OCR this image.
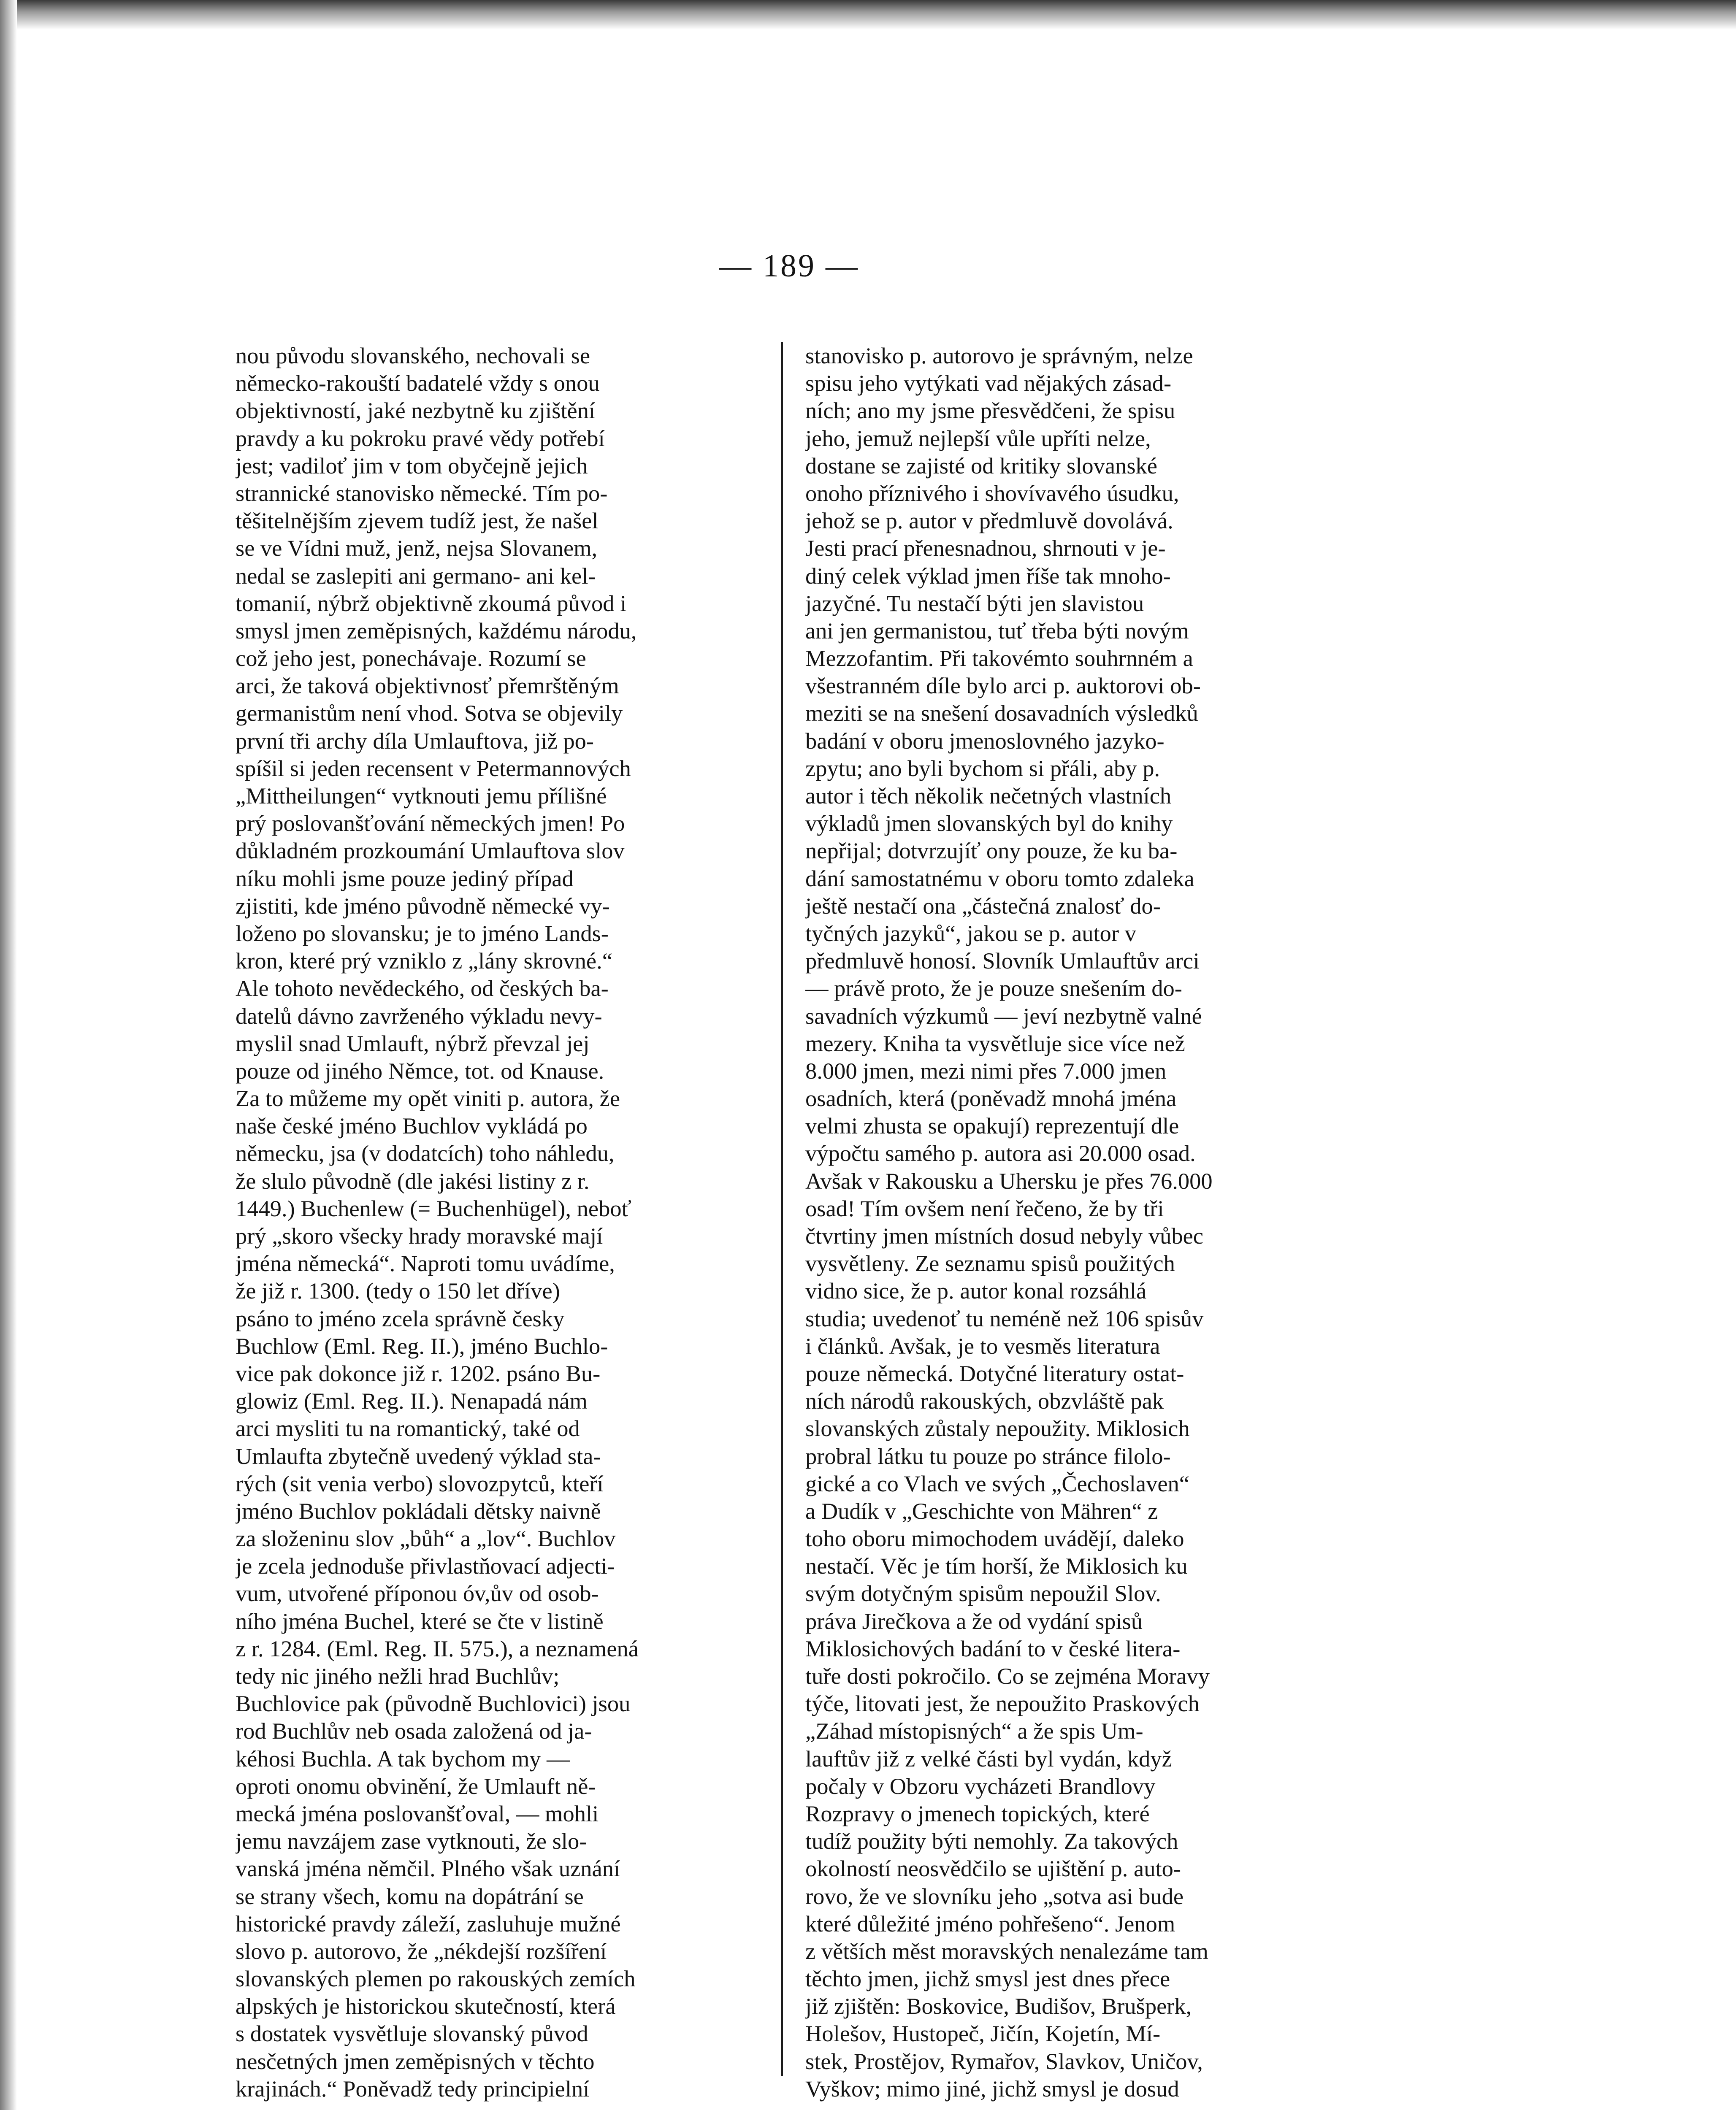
— 189 —
nou původu slovanského, nechovali se
německo-rakouští badatelé vždy s onou
objektivností, jaké nezbytně ku zjištění
pravdy a ku pokroku pravé vědy potřebí
jest; vadiloť jim v tom obyčejně jejich
strannické stanovisko německé. Tím po-
těšitelnějším zjevem tudíž jest, že našel
se ve Vídni muž, jenž, nejsa Slovanem,
nedal se zaslepiti ani germano- ani kel-
tomanií, nýbrž objektivně zkoumá původ i
smysl jmen zeměpisných, každému národu,
což jeho jest, ponechávaje. Rozumí se
arci, že taková objektivnosť přemrštěným
germanistům není vhod. Sotva se objevily
první tři archy díla Umlauftova, již po-
spíšil si jeden recensent v Petermannových
„Mittheilungen“ vytknouti jemu přílišné
prý poslovanšťování německých jmen! Po
důkladném prozkoumání Umlauftova slov
níku mohli jsme pouze jediný případ
zjistiti, kde jméno původně německé vy-
loženo po slovansku; je to jméno Lands-
kron, které prý vzniklo z „lány skrovné.“
Ale tohoto nevědeckého, od českých ba-
datelů dávno zavrženého výkladu nevy-
myslil snad Umlauft, nýbrž převzal jej
pouze od jiného Němce, tot. od Knause.
Za to můžeme my opět viniti p. autora, že
naše české jméno Buchlov vykládá po
německu, jsa (v dodatcích) toho náhledu,
že slulo původně (dle jakési listiny z r.
1449.) Buchenlew (= Buchenhügel), neboť
prý „skoro všecky hrady moravské mají
jména německá“. Naproti tomu uvádíme,
že již r. 1300. (tedy o 150 let dříve)
psáno to jméno zcela správně česky
Buchlow (Eml. Reg. II.), jméno Buchlo-
vice pak dokonce již r. 1202. psáno Bu-
glowiz (Eml. Reg. II.). Nenapadá nám
arci mysliti tu na romantický, také od
Umlaufta zbytečně uvedený výklad sta-
rých (sit venia verbo) slovozpytců, kteří
jméno Buchlov pokládali dětsky naivně
za složeninu slov „bůh“ a „lov“. Buchlov
je zcela jednoduše přivlastňovací adjecti-
vum, utvořené příponou óv,ův od osob-
ního jména Buchel, které se čte v listině
z r. 1284. (Eml. Reg. II. 575.), a neznamená
tedy nic jiného nežli hrad Buchlův;
Buchlovice pak (původně Buchlovici) jsou
rod Buchlův neb osada založená od ja-
kéhosi Buchla. A tak bychom my —
oproti onomu obvinění, že Umlauft ně-
mecká jména poslovanšťoval, — mohli
jemu navzájem zase vytknouti, že slo-
vanská jména němčil. Plného však uznání
se strany všech, komu na dopátrání se
historické pravdy záleží, zasluhuje mužné
slovo p. autorovo, že „nékdejší rozšíření
slovanských plemen po rakouských zemích
alpských je historickou skutečností, která
s dostatek vysvětluje slovanský původ
nesčetných jmen zeměpisných v těchto
krajinách.“ Poněvadž tedy principielní
stanovisko p. autorovo je správným, nelze
spisu jeho vytýkati vad nějakých zásad-
ních; ano my jsme přesvědčeni, že spisu
jeho, jemuž nejlepší vůle upříti nelze,
dostane se zajisté od kritiky slovanské
onoho příznivého i shovívavého úsudku,
jehož se p. autor v předmluvě dovolává.
Jesti prací přenesnadnou, shrnouti v je-
diný celek výklad jmen říše tak mnoho-
jazyčné. Tu nestačí býti jen slavistou
ani jen germanistou, tuť třeba býti novým
Mezzofantim. Při takovémto souhrnném a
všestranném díle bylo arci p. auktorovi ob-
meziti se na snešení dosavadních výsledků
badání v oboru jmenoslovného jazyko-
zpytu; ano byli bychom si přáli, aby p.
autor i těch několik nečetných vlastních
výkladů jmen slovanských byl do knihy
nepřijal; dotvrzujíť ony pouze, že ku ba-
dání samostatnému v oboru tomto zdaleka
ještě nestačí ona „částečná znalosť do-
tyčných jazyků“, jakou se p. autor v
předmluvě honosí. Slovník Umlauftův arci
— právě proto, že je pouze snešením do-
savadních výzkumů — jeví nezbytně valné
mezery. Kniha ta vysvětluje sice více než
8.000 jmen, mezi nimi přes 7.000 jmen
osadních, která (poněvadž mnohá jména
velmi zhusta se opakují) reprezentují dle
výpočtu samého p. autora asi 20.000 osad.
Avšak v Rakousku a Uhersku je přes 76.000
osad! Tím ovšem není řečeno, že by tři
čtvrtiny jmen místních dosud nebyly vůbec
vysvětleny. Ze seznamu spisů použitých
vidno sice, že p. autor konal rozsáhlá
studia; uvedenoť tu neméně než 106 spisův
i článků. Avšak, je to vesměs literatura
pouze německá. Dotyčné literatury ostat-
ních národů rakouských, obzvláště pak
slovanských zůstaly nepoužity. Miklosich
probral látku tu pouze po stránce filolo-
gické a co Vlach ve svých „Čechoslaven“
a Dudík v „Geschichte von Mähren“ z
toho oboru mimochodem uvádějí, daleko
nestačí. Věc je tím horší, že Miklosich ku
svým dotyčným spisům nepoužil Slov.
práva Jirečkova a že od vydání spisů
Miklosichových badání to v české litera-
tuře dosti pokročilo. Co se zejména Moravy
týče, litovati jest, že nepoužito Praskových
„Záhad místopisných“ a že spis Um-
lauftův již z velké části byl vydán, když
počaly v Obzoru vycházeti Brandlovy
Rozpravy o jmenech topických, které
tudíž použity býti nemohly. Za takových
okolností neosvědčilo se ujištění p. auto-
rovo, že ve slovníku jeho „sotva asi bude
které důležité jméno pohřešeno“. Jenom
z větších měst moravských nenalezáme tam
těchto jmen, jichž smysl jest dnes přece
již zjištěn: Boskovice, Budišov, Brušperk,
Holešov, Hustopeč, Jičín, Kojetín, Mí-
stek, Prostějov, Rymařov, Slavkov, Uničov,
Vyškov; mimo jiné, jichž smysl je dosud
